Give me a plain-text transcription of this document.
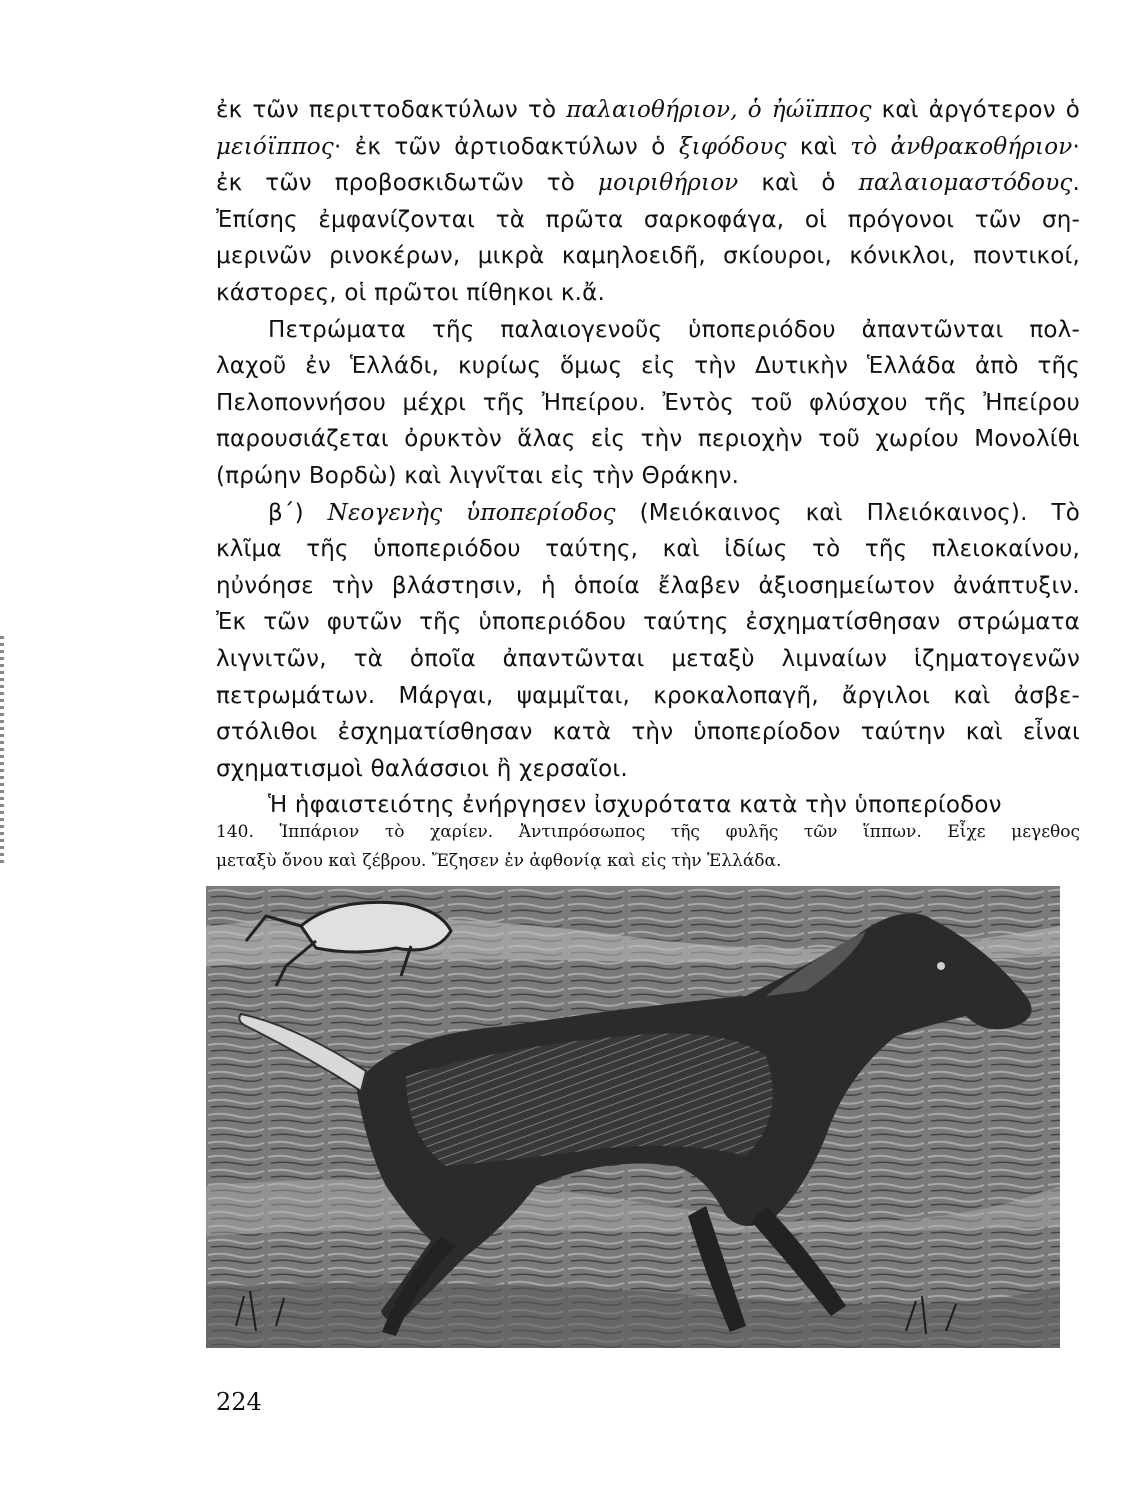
ἐκ τῶν περιττοδακτύλων τὸ παλαιοθήριον, ὁ ἠώϊππος καὶ ἀργότερον ὁ
μειόϊππος· ἐκ τῶν ἀρτιοδακτύλων ὁ ξιφόδους καὶ τὸ ἀνθρακοθήριον·
ἐκ τῶν προβοσκιδωτῶν τὸ μοιριθήριον καὶ ὁ παλαιομαστόδους.
Ἐπίσης ἐμφανίζονται τὰ πρῶτα σαρκοφάγα, οἱ πρόγονοι τῶν ση-
μερινῶν ρινοκέρων, μικρὰ καμηλοειδῆ, σκίουροι, κόνικλοι, ποντικοί,
κάστορες, οἱ πρῶτοι πίθηκοι κ.ἄ.
Πετρώματα τῆς παλαιογενοῦς ὑποπεριόδου ἀπαντῶνται πολ-
λαχοῦ ἐν Ἑλλάδι, κυρίως ὅμως εἰς τὴν Δυτικὴν Ἑλλάδα ἀπὸ τῆς
Πελοποννήσου μέχρι τῆς Ἠπείρου. Ἐντὸς τοῦ φλύσχου τῆς Ἠπείρου
παρουσιάζεται ὀρυκτὸν ἅλας εἰς τὴν περιοχὴν τοῦ χωρίου Μονολίθι
(πρώην Βορδὼ) καὶ λιγνῖται εἰς τὴν Θράκην.
β΄) Νεογενὴς ὑποπερίοδος (Μειόκαινος καὶ Πλειόκαινος). Τὸ
κλῖμα τῆς ὑποπεριόδου ταύτης, καὶ ἰδίως τὸ τῆς πλειοκαίνου,
ηὐνόησε τὴν βλάστησιν, ἡ ὁποία ἔλαβεν ἀξιοσημείωτον ἀνάπτυξιν.
Ἐκ τῶν φυτῶν τῆς ὑποπεριόδου ταύτης ἐσχηματίσθησαν στρώματα
λιγνιτῶν, τὰ ὁποῖα ἀπαντῶνται μεταξὺ λιμναίων ἱζηματογενῶν
πετρωμάτων. Μάργαι, ψαμμῖται, κροκαλοπαγῆ, ἄργιλοι καὶ ἀσβε-
στόλιθοι ἐσχηματίσθησαν κατὰ τὴν ὑποπερίοδον ταύτην καὶ εἶναι
σχηματισμοὶ θαλάσσιοι ἢ χερσαῖοι.
Ἡ ἡφαιστειότης ἐνήργησεν ἰσχυρότατα κατὰ τὴν ὑποπερίοδον
140. Ἱππάριον τὸ χαρίεν. Ἀντιπρόσωπος τῆς φυλῆς τῶν ἵππων. Εἶχε μεγεθος
μεταξὺ ὄνου καὶ ζέβρου. Ἔζησεν ἐν ἀφθονίᾳ καὶ εἰς τὴν Ἑλλάδα.
224
